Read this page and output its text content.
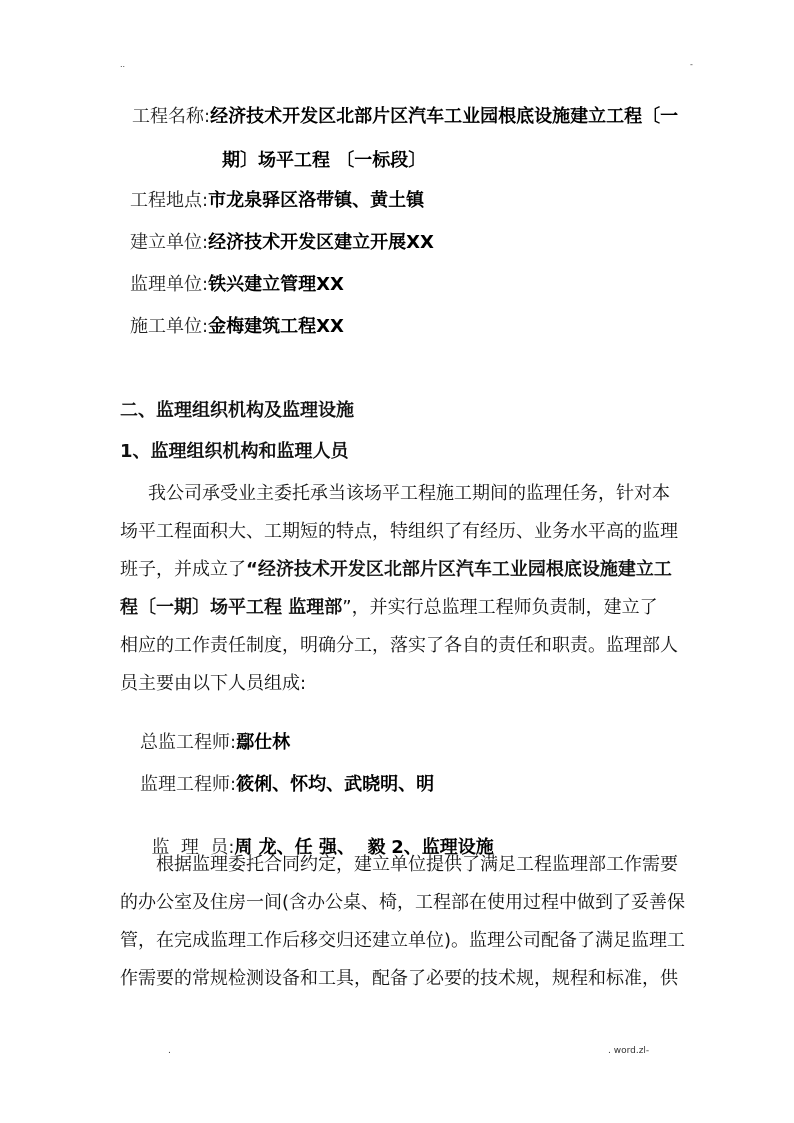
..	-
工程名称:经济技术开发区北部片区汽车工业园根底设施建立工程〔一
期〕场平工程 〔一标段〕
工程地点:市龙泉驿区洛带镇、黄土镇
建立单位:经济技术开发区建立开展XX
监理单位:铁兴建立管理XX
施工单位:金梅建筑工程XX
二、监理组织机构及监理设施
1、监理组织机构和监理人员
我公司承受业主委托承当该场平工程施工期间的监理任务，针对本
场平工程面积大、工期短的特点，特组织了有经历、业务水平高的监理
班子，并成立了“经济技术开发区北部片区汽车工业园根底设施建立工
程〔一期〕场平工程 监理部”，并实行总监理工程师负责制，建立了
相应的工作责任制度，明确分工，落实了各自的责任和职责。监理部人
员主要由以下人员组成:
总监工程师:鄢仕林
监理工程师:筱俐、怀均、武晓明、明

监  理  员:周 龙、任 强、  毅 2、监理设施

根据监理委托合同约定，建立单位提供了满足工程监理部工作需要
的办公室及住房一间(含办公桌、椅，工程部在使用过程中做到了妥善保
管，在完成监理工作后移交归还建立单位)。监理公司配备了满足监理工
作需要的常规检测设备和工具，配备了必要的技术规，规程和标准，供
.	. word.zl-
